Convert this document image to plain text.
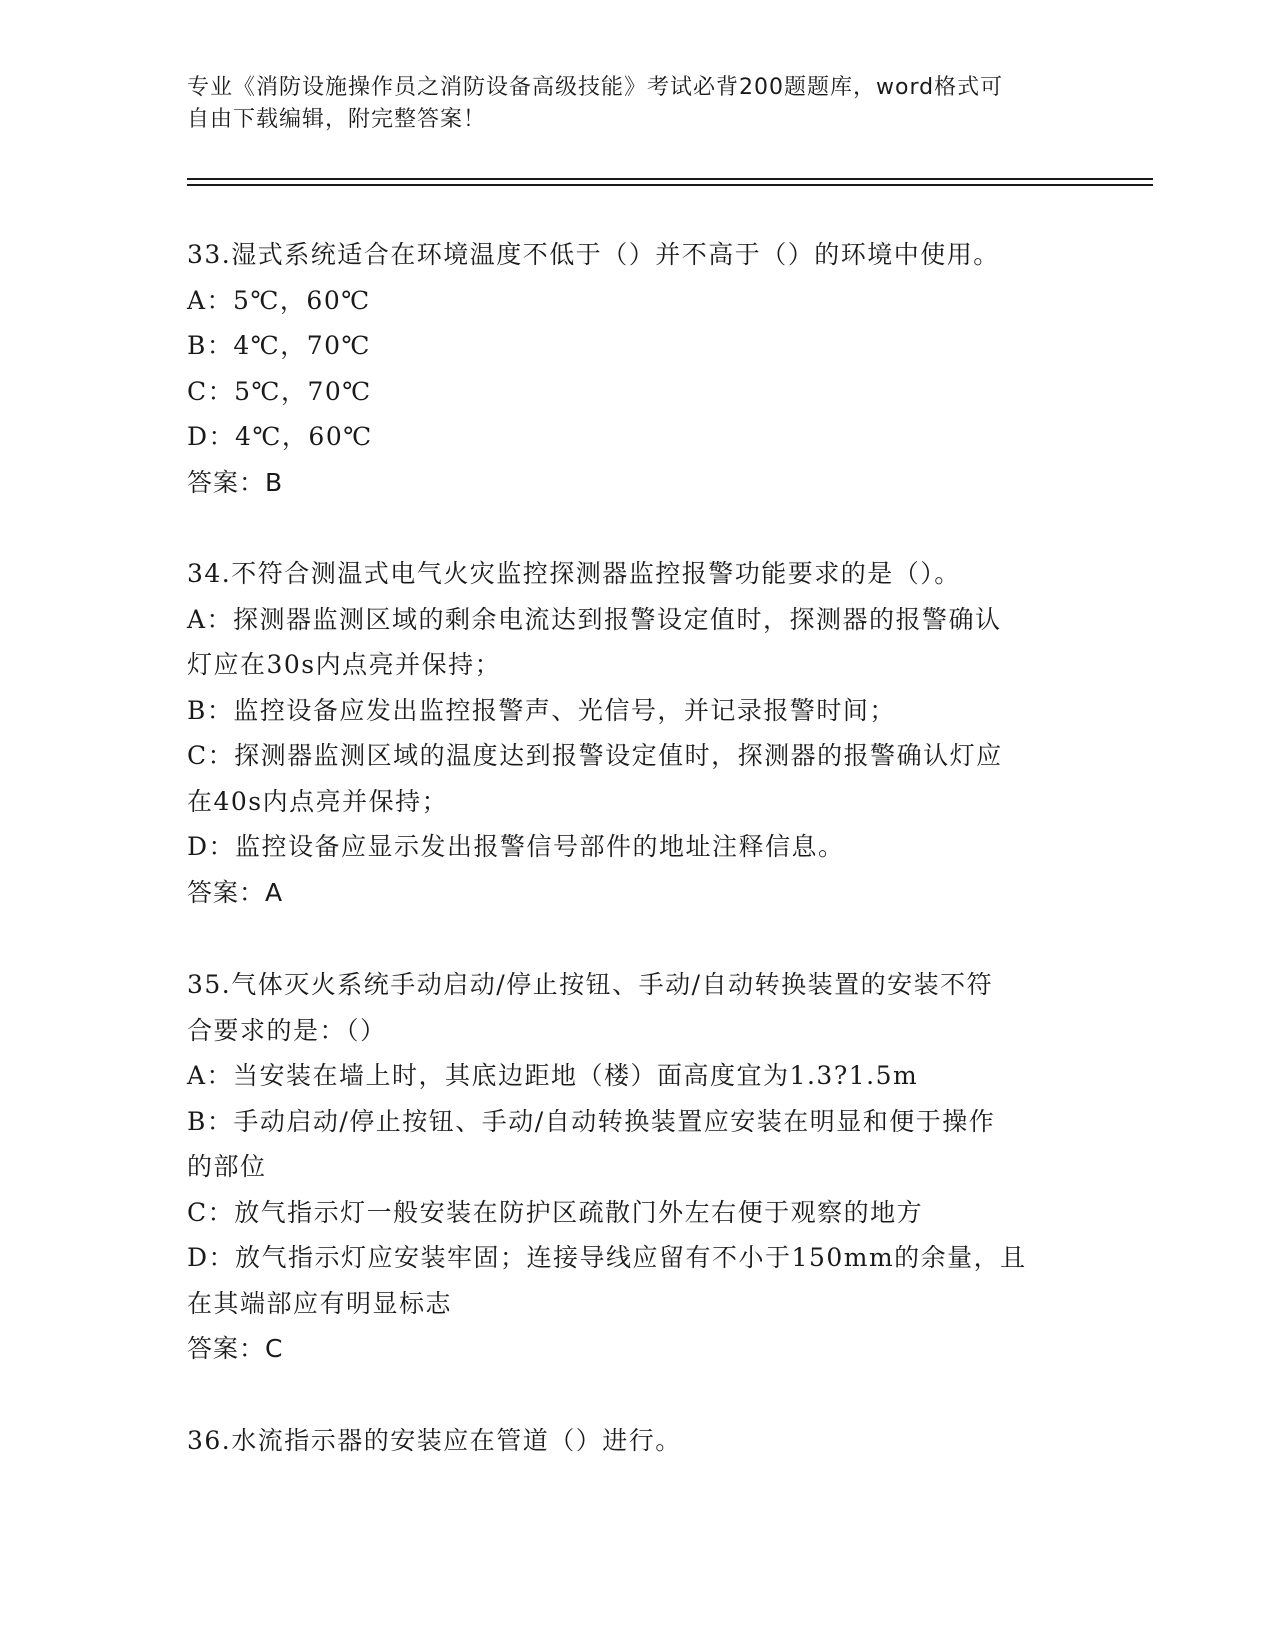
专业《消防设施操作员之消防设备高级技能》考试必背200题题库，word格式可
自由下载编辑，附完整答案！
33.湿式系统适合在环境温度不低于（）并不高于（）的环境中使用。
A：5℃，60℃
B：4℃，70℃
C：5℃，70℃
D：4℃，60℃
答案：B
34.不符合测温式电气火灾监控探测器监控报警功能要求的是（）。
A：探测器监测区域的剩余电流达到报警设定值时，探测器的报警确认
灯应在30s内点亮并保持；
B：监控设备应发出监控报警声、光信号，并记录报警时间；
C：探测器监测区域的温度达到报警设定值时，探测器的报警确认灯应
在40s内点亮并保持；
D：监控设备应显示发出报警信号部件的地址注释信息。
答案：A
35.气体灭火系统手动启动/停止按钮、手动/自动转换装置的安装不符
合要求的是：（）
A：当安装在墙上时，其底边距地（楼）面高度宜为1.3?1.5m
B：手动启动/停止按钮、手动/自动转换装置应安装在明显和便于操作
的部位
C：放气指示灯一般安装在防护区疏散门外左右便于观察的地方
D：放气指示灯应安装牢固；连接导线应留有不小于150mm的余量，且
在其端部应有明显标志
答案：C
36.水流指示器的安装应在管道（）进行。
